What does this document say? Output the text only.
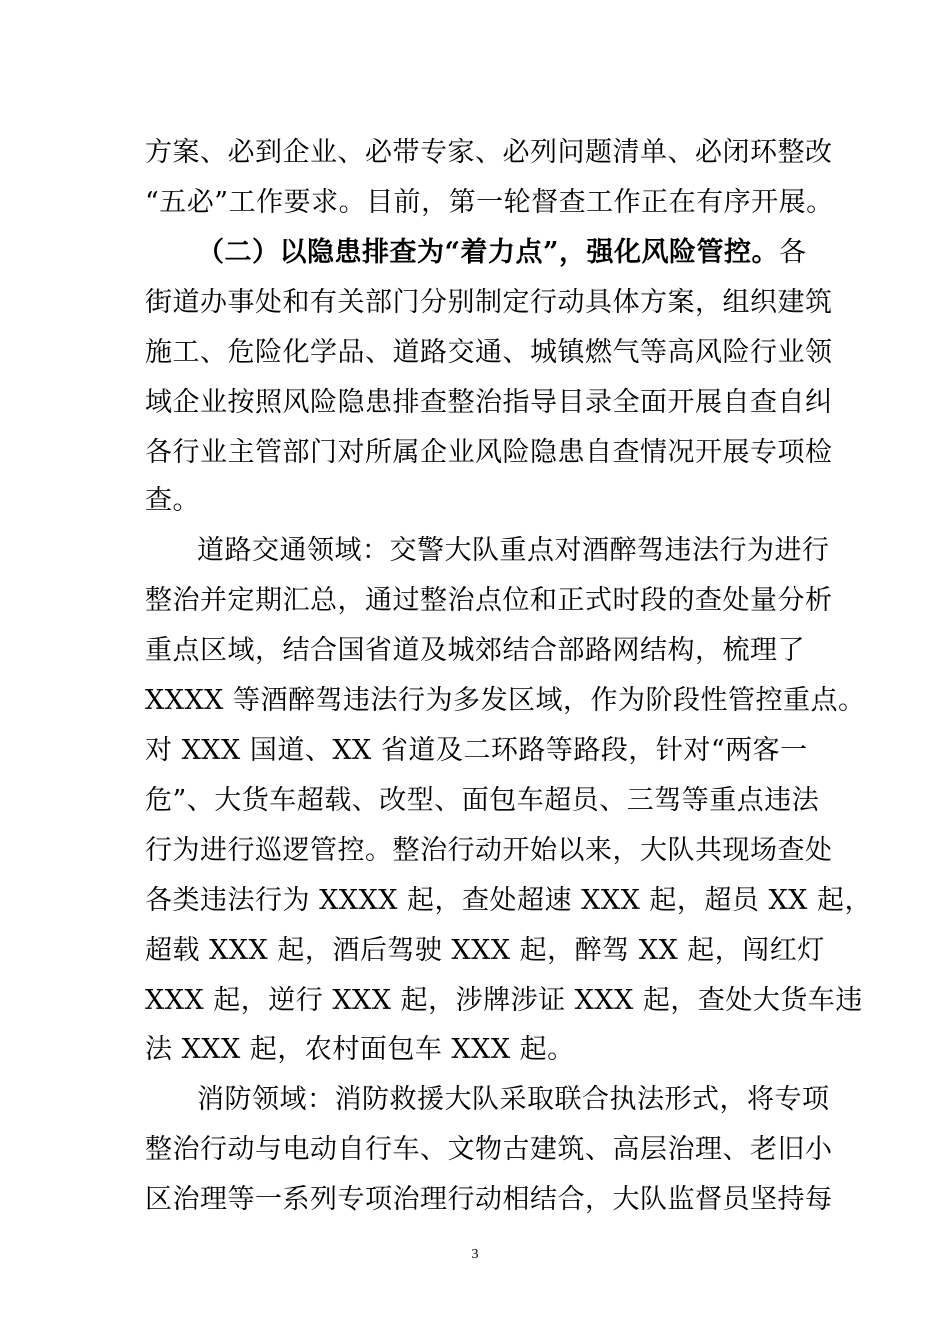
方案、必到企业、必带专家、必列问题清单、必闭环整改
“五必”工作要求。目前，第一轮督查工作正在有序开展。
（二）以隐患排查为“着力点”，强化风险管控。各
街道办事处和有关部门分别制定行动具体方案，组织建筑
施工、危险化学品、道路交通、城镇燃气等高风险行业领
域企业按照风险隐患排查整治指导目录全面开展自查自纠
各行业主管部门对所属企业风险隐患自查情况开展专项检
查。
道路交通领域：交警大队重点对酒醉驾违法行为进行
整治并定期汇总，通过整治点位和正式时段的查处量分析
重点区域，结合国省道及城郊结合部路网结构，梳理了
XXXX 等酒醉驾违法行为多发区域，作为阶段性管控重点。
对 XXX 国道、XX 省道及二环路等路段，针对“两客一
危”、大货车超载、改型、面包车超员、三驾等重点违法
行为进行巡逻管控。整治行动开始以来，大队共现场查处
各类违法行为 XXXX 起，查处超速 XXX 起，超员 XX 起，
超载 XXX 起，酒后驾驶 XXX 起，醉驾 XX 起，闯红灯
XXX 起，逆行 XXX 起，涉牌涉证 XXX 起，查处大货车违
法 XXX 起，农村面包车 XXX 起。
消防领域：消防救援大队采取联合执法形式，将专项
整治行动与电动自行车、文物古建筑、高层治理、老旧小
区治理等一系列专项治理行动相结合，大队监督员坚持每
3
